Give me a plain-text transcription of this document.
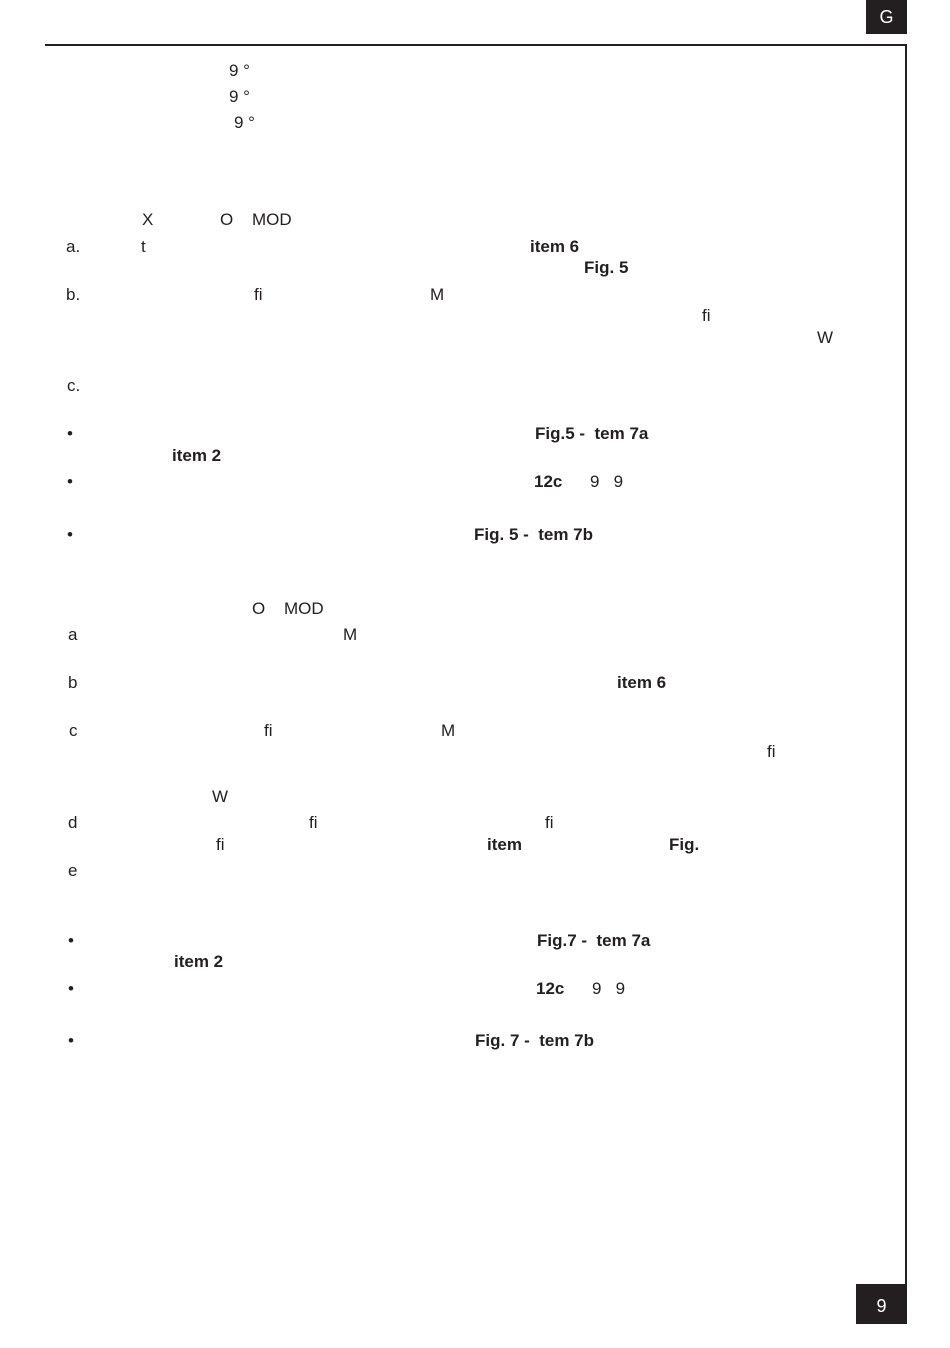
G
9
9 °
9 °
9 °
X	O MOD
a.	t	item 6
Fig. 5
b.	fi	M
fi
W
c.
•	Fig.5 -  tem 7a
item 2
•	12c 9   9
•	Fig. 5 -  tem 7b
O MOD
a	M
b	item 6
c	fi	M
fi
W
d	fi	fi
fi	item	Fig.
e
•	Fig.7 -  tem 7a
item 2
•	12c 9   9
•	Fig. 7 -  tem 7b
